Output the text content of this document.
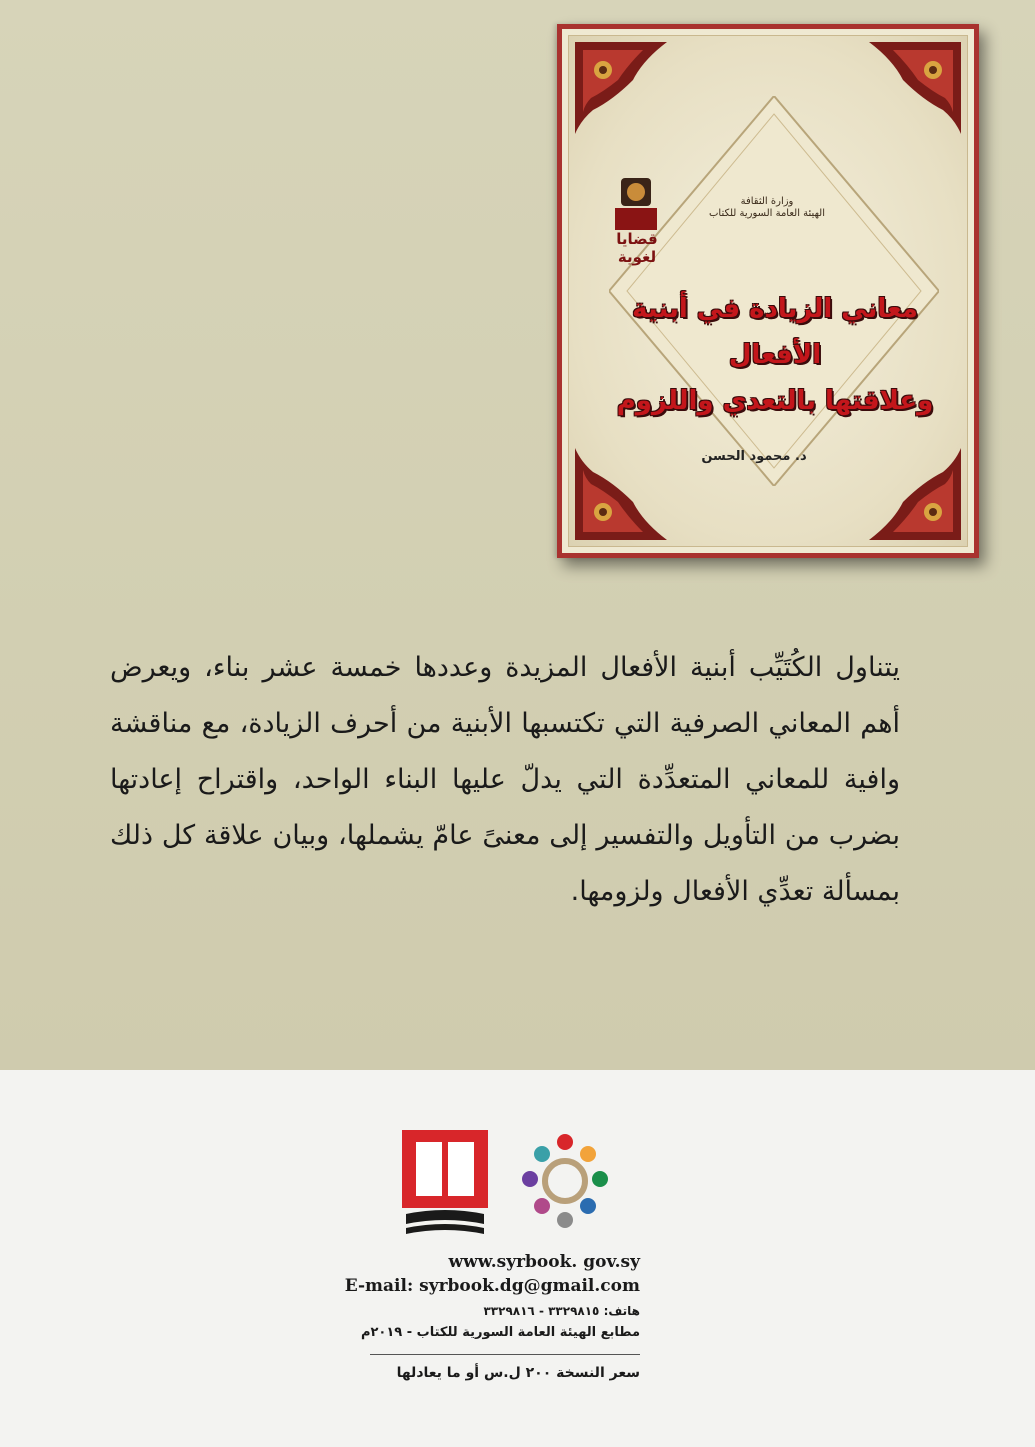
وزارة الثقافة
الهيئة العامة السورية للكتاب
قضايا لغوية
معاني الزيادة في أبنية الأفعال
وعلاقتها بالتعدي واللزوم
د. محمود الحسن

يتناول الكُتَيِّب أبنية الأفعال المزيدة وعددها خمسة عشر بناء، ويعرض أهم المعاني الصرفية التي تكتسبها الأبنية من أحرف الزيادة، مع مناقشة وافية للمعاني المتعدِّدة التي يدلّ عليها البناء الواحد، واقتراح إعادتها بضرب من التأويل والتفسير إلى معنىً عامّ يشملها، وبيان علاقة كل ذلك بمسألة تعدِّي الأفعال ولزومها.

www.syrbook. gov.sy
E-mail: syrbook.dg@gmail.com
هاتف: ٣٣٢٩٨١٥ - ٣٣٢٩٨١٦
مطابع الهيئة العامة السورية للكتاب - ٢٠١٩م
سعر النسخة ٢٠٠ ل.س أو ما يعادلها
